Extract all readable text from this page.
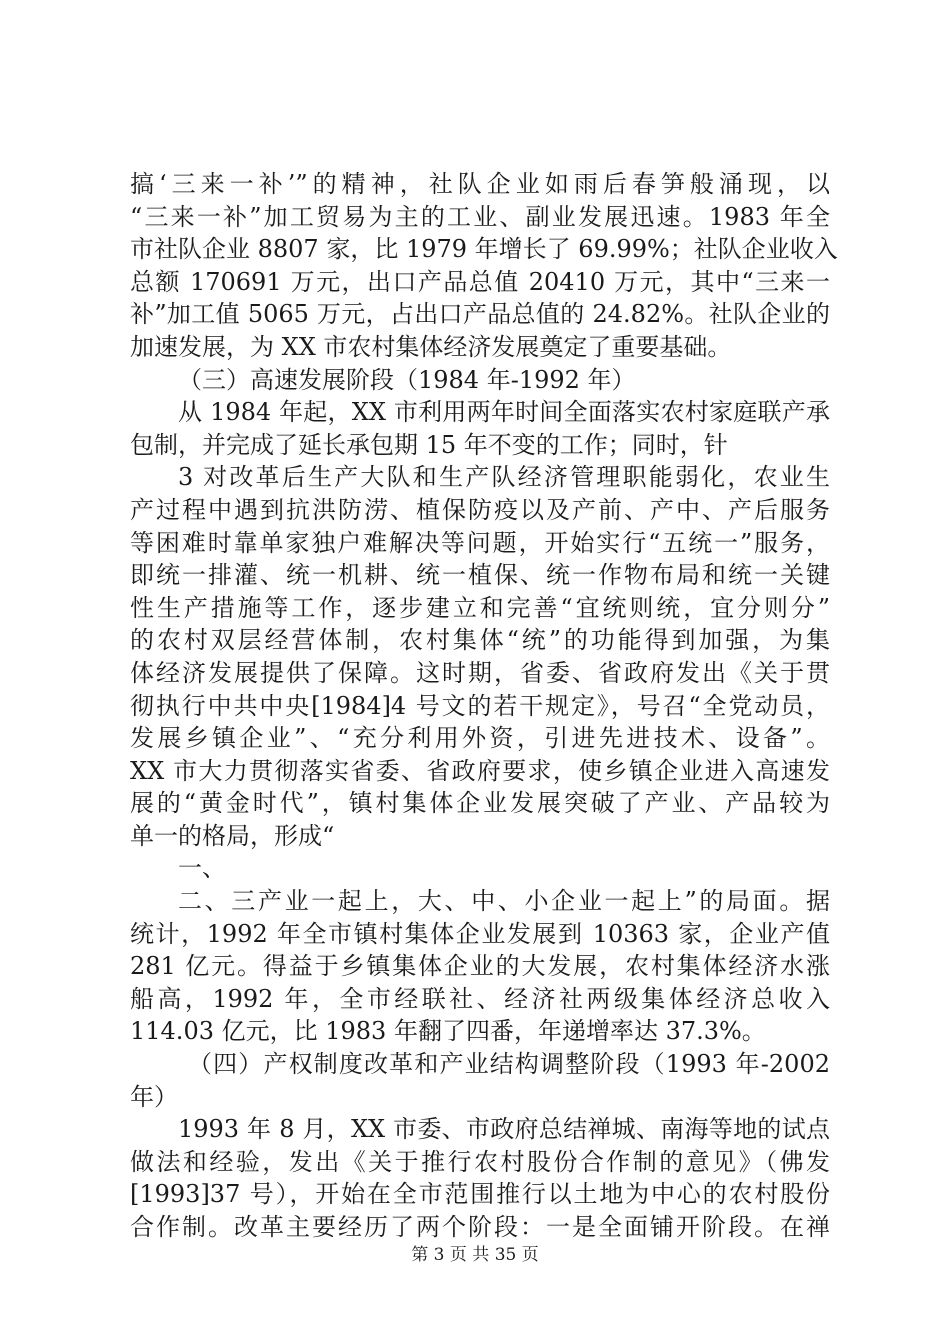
搞‘三来一补’”的精神，社队企业如雨后春笋般涌现，以
“三来一补”加工贸易为主的工业、副业发展迅速。1983 年全
市社队企业 8807 家，比 1979 年增长了 69.99%；社队企业收入
总额 170691 万元，出口产品总值 20410 万元，其中“三来一
补”加工值 5065 万元，占出口产品总值的 24.82%。社队企业的
加速发展，为 XX 市农村集体经济发展奠定了重要基础。
（三）高速发展阶段（1984 年-1992 年）
从 1984 年起，XX 市利用两年时间全面落实农村家庭联产承
包制，并完成了延长承包期 15 年不变的工作；同时，针
3 对改革后生产大队和生产队经济管理职能弱化，农业生
产过程中遇到抗洪防涝、植保防疫以及产前、产中、产后服务
等困难时靠单家独户难解决等问题，开始实行“五统一”服务，
即统一排灌、统一机耕、统一植保、统一作物布局和统一关键
性生产措施等工作，逐步建立和完善“宜统则统，宜分则分”
的农村双层经营体制，农村集体“统”的功能得到加强，为集
体经济发展提供了保障。这时期，省委、省政府发出《关于贯
彻执行中共中央[1984]4 号文的若干规定》，号召“全党动员，
发展乡镇企业”、“充分利用外资，引进先进技术、设备”。
XX 市大力贯彻落实省委、省政府要求，使乡镇企业进入高速发
展的“黄金时代”，镇村集体企业发展突破了产业、产品较为
单一的格局，形成“
一、
二、三产业一起上，大、中、小企业一起上”的局面。据
统计，1992 年全市镇村集体企业发展到 10363 家，企业产值
281 亿元。得益于乡镇集体企业的大发展，农村集体经济水涨
船高，1992 年，全市经联社、经济社两级集体经济总收入
114.03 亿元，比 1983 年翻了四番，年递增率达 37.3%。
（四）产权制度改革和产业结构调整阶段（1993 年-2002
年）
1993 年 8 月，XX 市委、市政府总结禅城、南海等地的试点
做法和经验，发出《关于推行农村股份合作制的意见》（佛发
[1993]37 号），开始在全市范围推行以土地为中心的农村股份
合作制。改革主要经历了两个阶段：一是全面铺开阶段。在禅
第 3 页 共 35 页
